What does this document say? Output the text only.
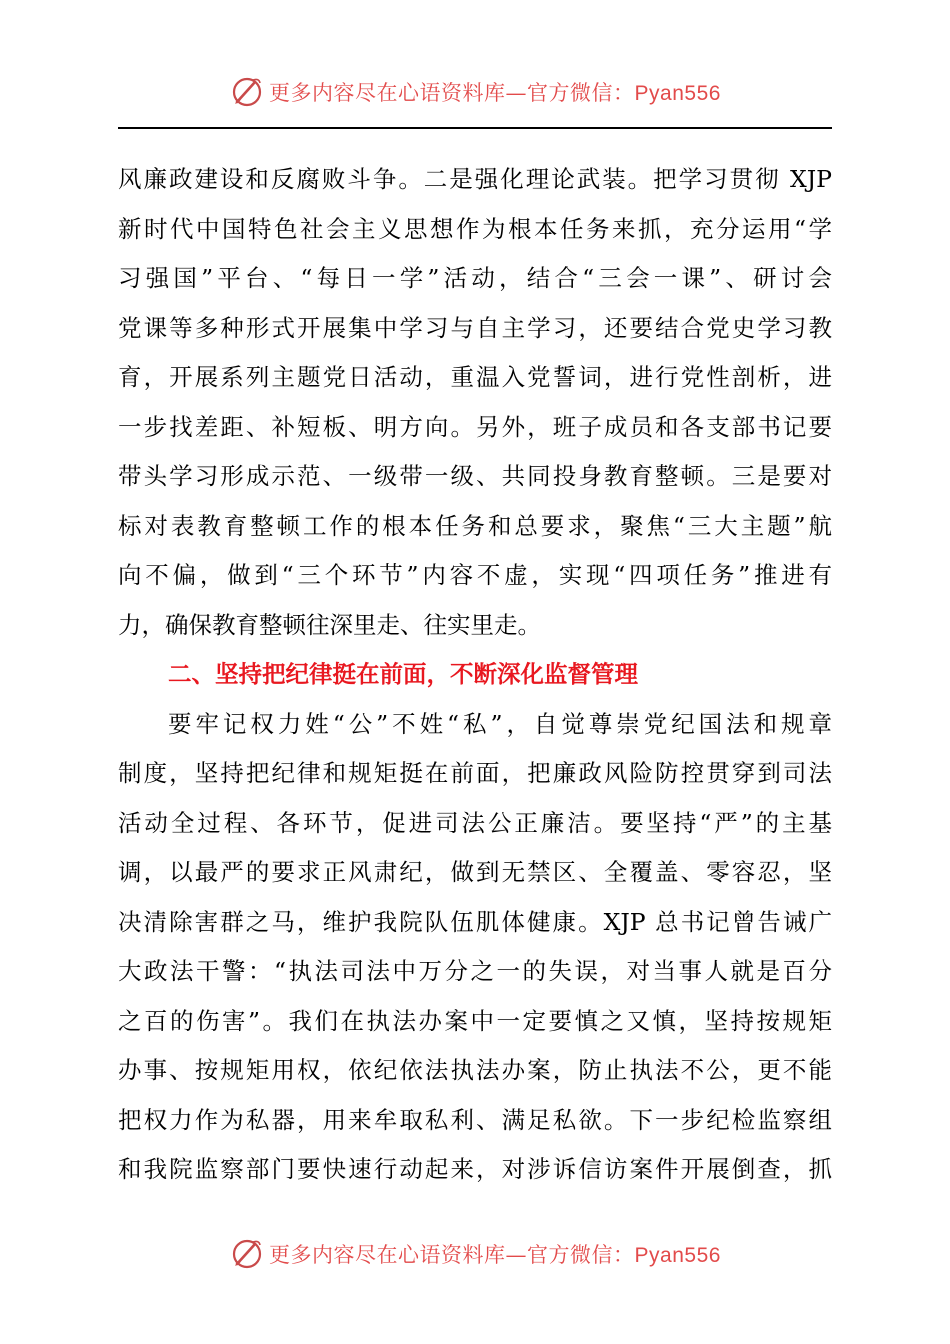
更多内容尽在心语资料库—官方微信：Pyan556
风廉政建设和反腐败斗争。二是强化理论武装。把学习贯彻 XJP
新时代中国特色社会主义思想作为根本任务来抓，充分运用“学
习强国”平台、“每日一学”活动，结合“三会一课”、研讨会
党课等多种形式开展集中学习与自主学习，还要结合党史学习教
育，开展系列主题党日活动，重温入党誓词，进行党性剖析，进
一步找差距、补短板、明方向。另外，班子成员和各支部书记要
带头学习形成示范、一级带一级、共同投身教育整顿。三是要对
标对表教育整顿工作的根本任务和总要求，聚焦“三大主题”航
向不偏，做到“三个环节”内容不虚，实现“四项任务”推进有
力，确保教育整顿往深里走、往实里走。
二、坚持把纪律挺在前面，不断深化监督管理
要牢记权力姓“公”不姓“私”，自觉尊崇党纪国法和规章
制度，坚持把纪律和规矩挺在前面，把廉政风险防控贯穿到司法
活动全过程、各环节，促进司法公正廉洁。要坚持“严”的主基
调，以最严的要求正风肃纪，做到无禁区、全覆盖、零容忍，坚
决清除害群之马，维护我院队伍肌体健康。XJP 总书记曾告诫广
大政法干警：“执法司法中万分之一的失误，对当事人就是百分
之百的伤害”。我们在执法办案中一定要慎之又慎，坚持按规矩
办事、按规矩用权，依纪依法执法办案，防止执法不公，更不能
把权力作为私器，用来牟取私利、满足私欲。下一步纪检监察组
和我院监察部门要快速行动起来，对涉诉信访案件开展倒查，抓
更多内容尽在心语资料库—官方微信：Pyan556
